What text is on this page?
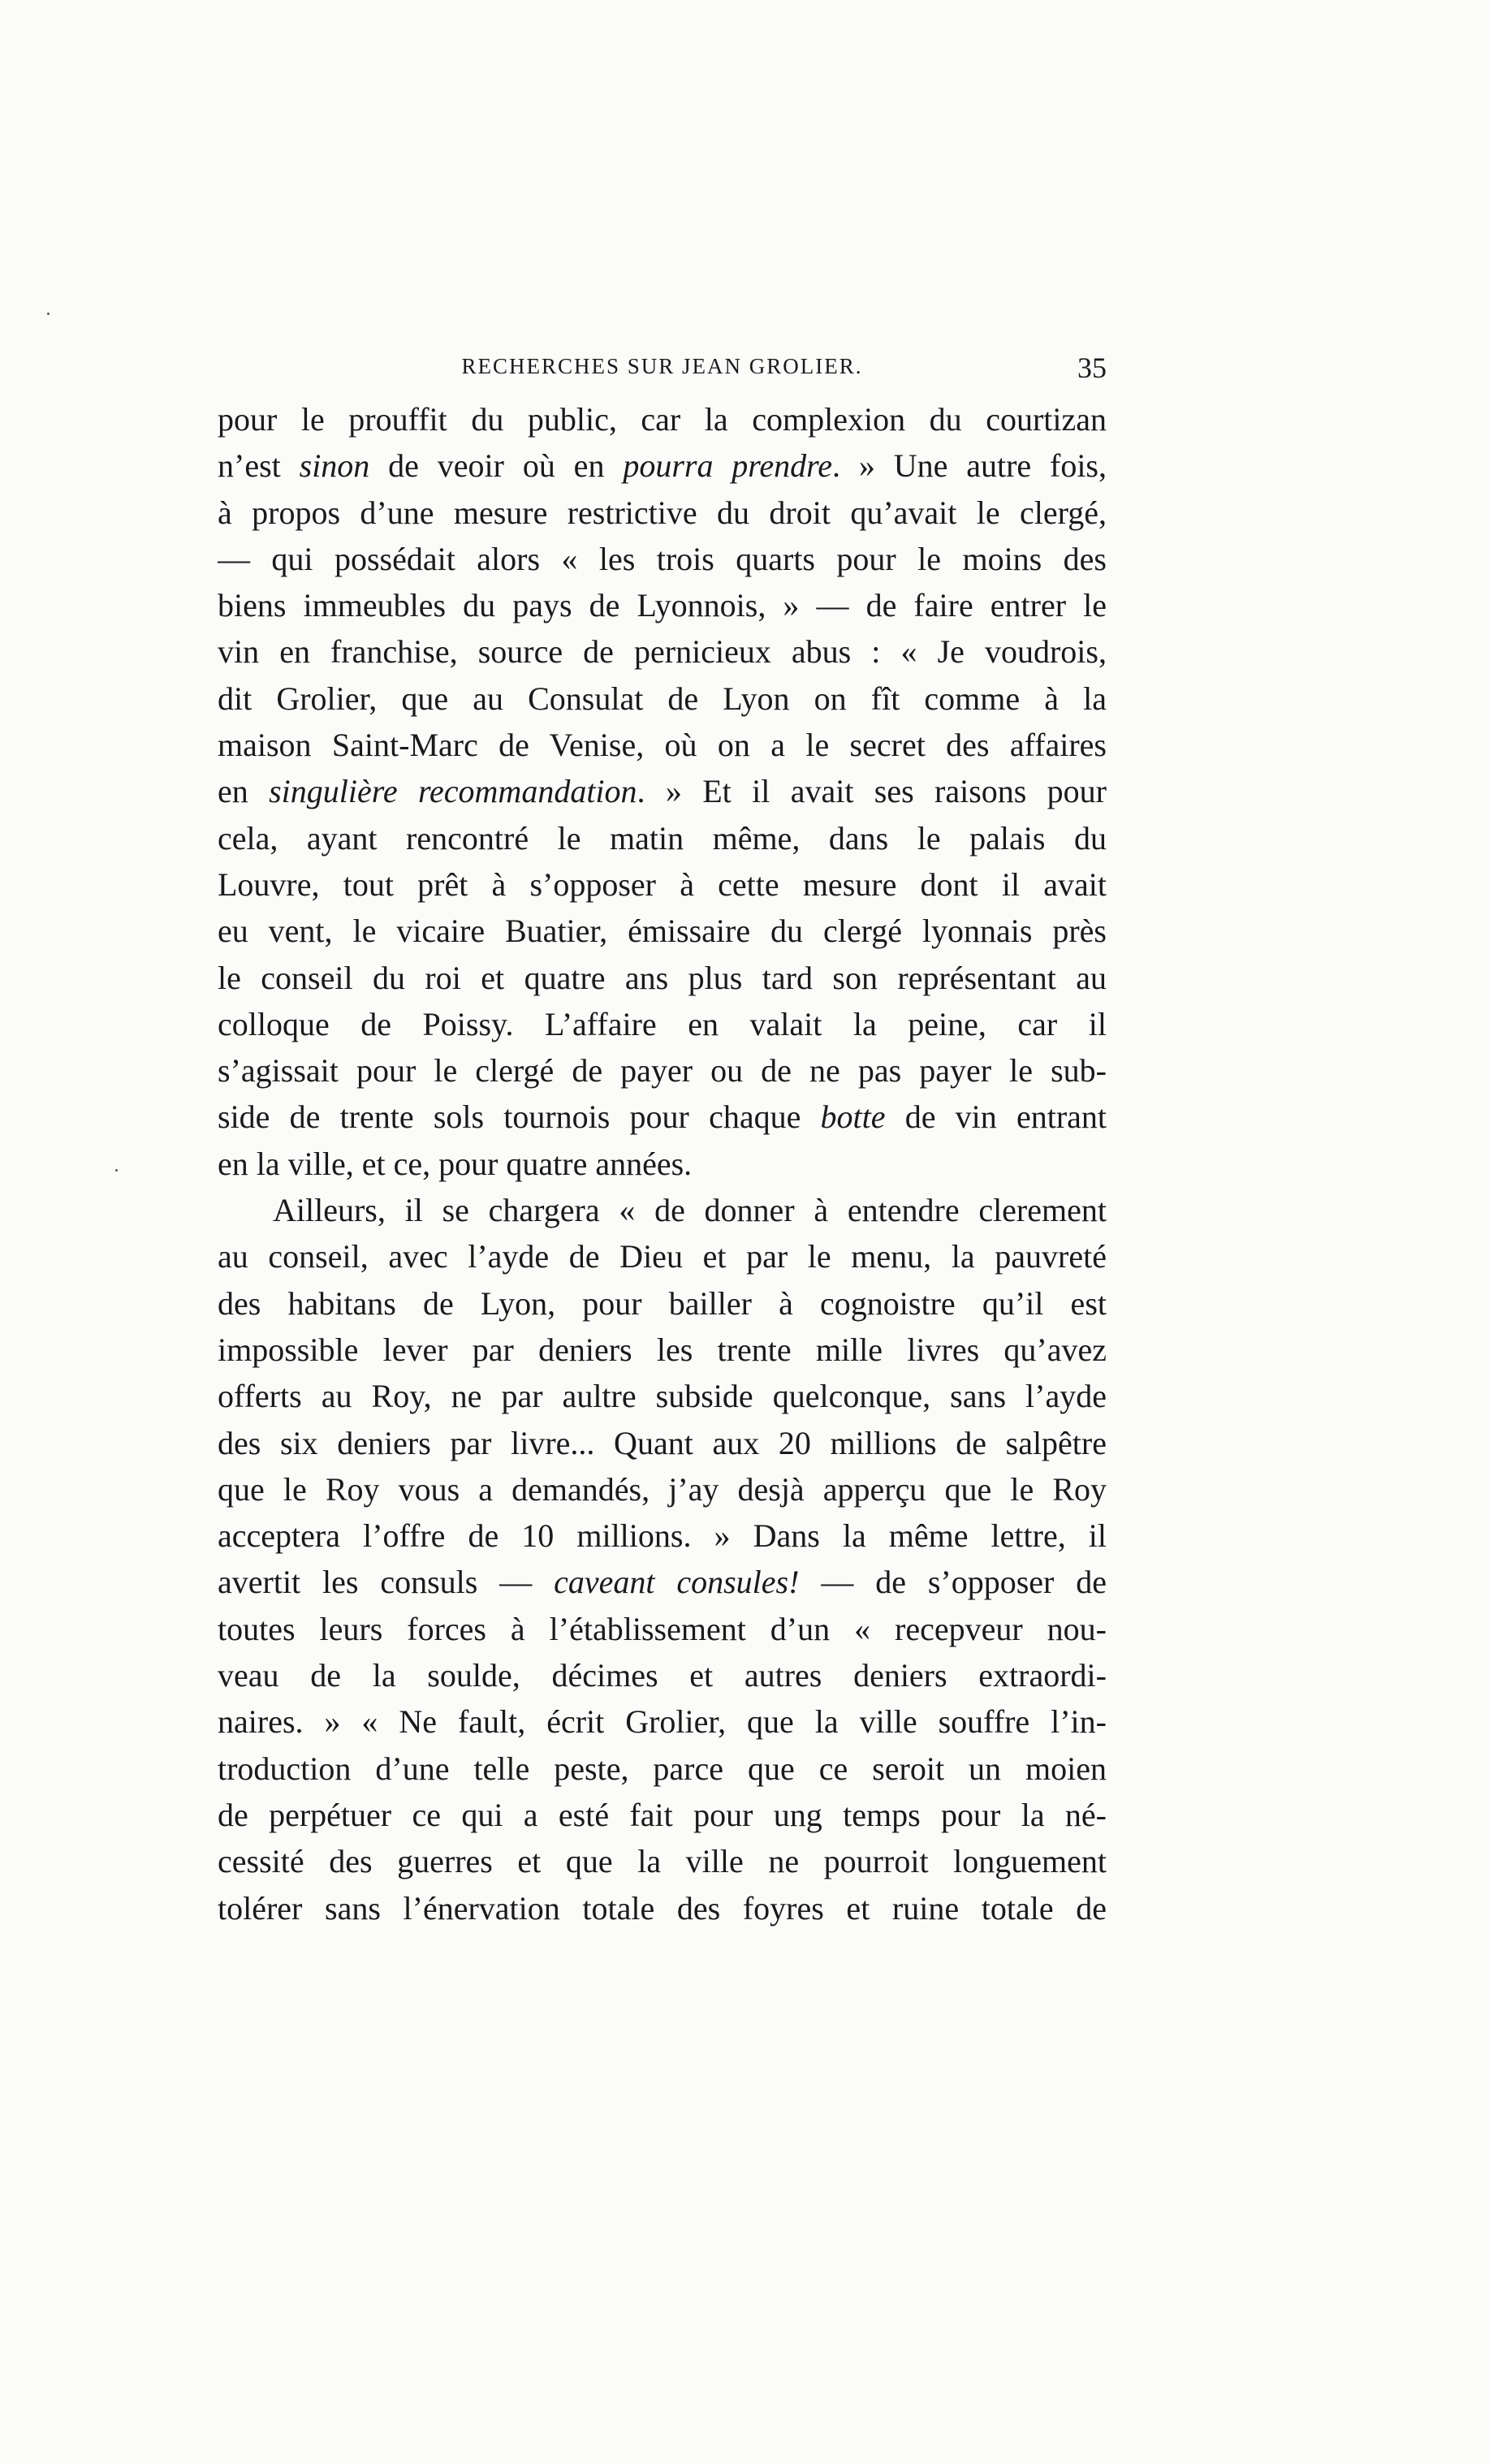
RECHERCHES SUR JEAN GROLIER.	35
pour le prouffit du public, car la complexion du courtizan
n’est sinon de veoir où en pourra prendre. » Une autre fois,
à propos d’une mesure restrictive du droit qu’avait le clergé,
— qui possédait alors « les trois quarts pour le moins des
biens immeubles du pays de Lyonnois, » — de faire entrer le
vin en franchise, source de pernicieux abus : « Je voudrois,
dit Grolier, que au Consulat de Lyon on fît comme à la
maison Saint-Marc de Venise, où on a le secret des affaires
en singulière recommandation. » Et il avait ses raisons pour
cela, ayant rencontré le matin même, dans le palais du
Louvre, tout prêt à s’opposer à cette mesure dont il avait
eu vent, le vicaire Buatier, émissaire du clergé lyonnais près
le conseil du roi et quatre ans plus tard son représentant au
colloque de Poissy. L’affaire en valait la peine, car il
s’agissait pour le clergé de payer ou de ne pas payer le sub-
side de trente sols tournois pour chaque botte de vin entrant
en la ville, et ce, pour quatre années.
Ailleurs, il se chargera « de donner à entendre clerement
au conseil, avec l’ayde de Dieu et par le menu, la pauvreté
des habitans de Lyon, pour bailler à cognoistre qu’il est
impossible lever par deniers les trente mille livres qu’avez
offerts au Roy, ne par aultre subside quelconque, sans l’ayde
des six deniers par livre... Quant aux 20 millions de salpêtre
que le Roy vous a demandés, j’ay desjà apperçu que le Roy
acceptera l’offre de 10 millions. » Dans la même lettre, il
avertit les consuls — caveant consules! — de s’opposer de
toutes leurs forces à l’établissement d’un « recepveur nou-
veau de la soulde, décimes et autres deniers extraordi-
naires. » « Ne fault, écrit Grolier, que la ville souffre l’in-
troduction d’une telle peste, parce que ce seroit un moien
de perpétuer ce qui a esté fait pour ung temps pour la né-
cessité des guerres et que la ville ne pourroit longuement
tolérer sans l’énervation totale des foyres et ruine totale de
